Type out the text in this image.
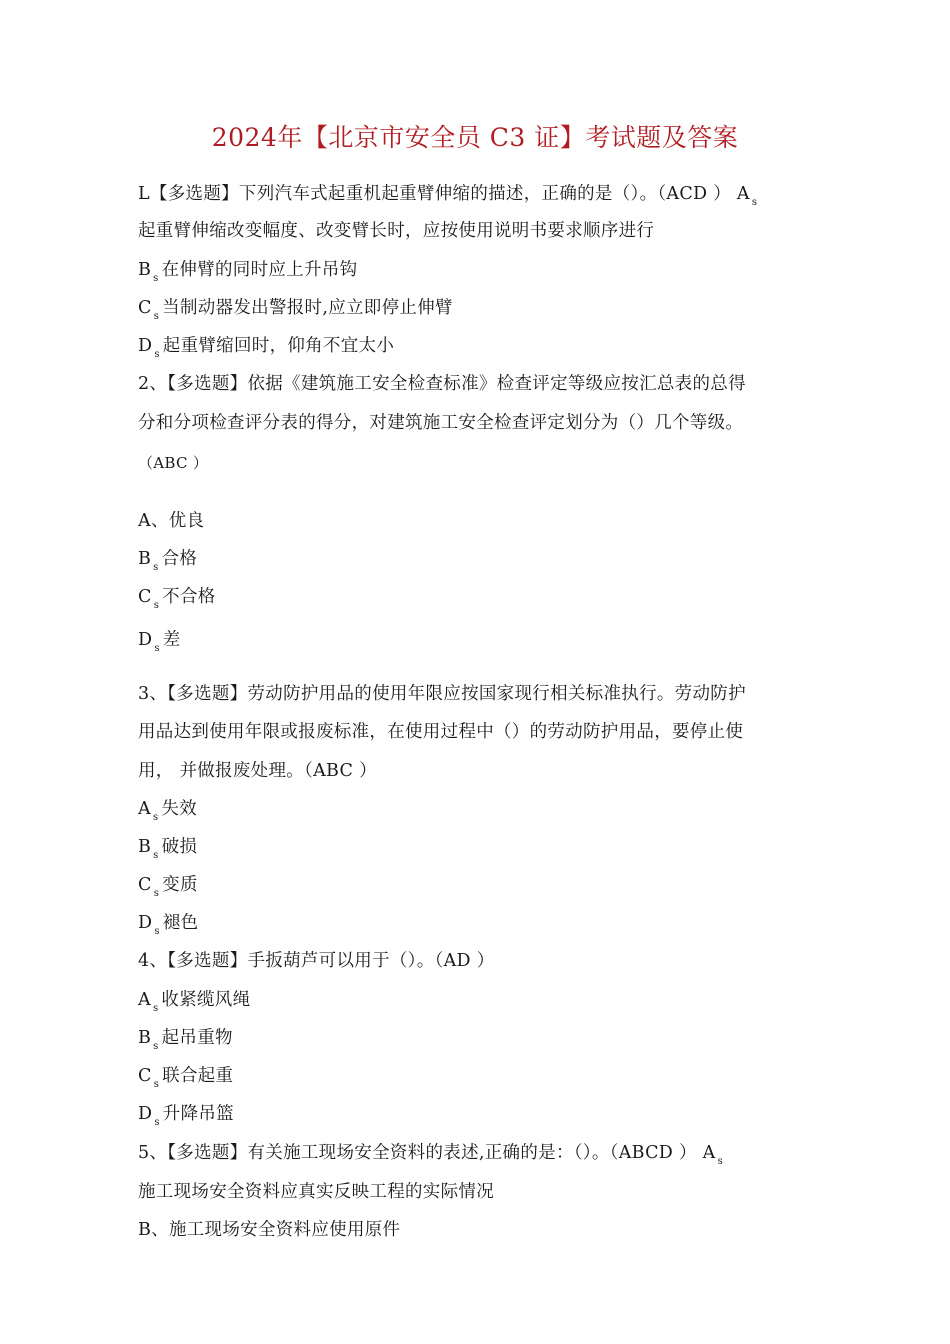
2024年【北京市安全员 C3 证】考试题及答案
L【多选题】下列汽车式起重机起重臂伸缩的描述，正确的是（）。（ACD ） A $_s$
起重臂伸缩改变幅度、改变臂长时，应按使用说明书要求顺序进行
B $_s$ 在伸臂的同时应上升吊钩
C $_s$ 当制动器发出警报时,应立即停止伸臂
D $_s$ 起重臂缩回时，仰角不宜太小
2、【多选题】依据《建筑施工安全检查标准》检查评定等级应按汇总表的总得
分和分项检查评分表的得分，对建筑施工安全检查评定划分为（）几个等级。
（ABC ）
A、优良
B $_s$ 合格
C $_s$ 不合格
D $_s$ 差
3、【多选题】劳动防护用品的使用年限应按国家现行相关标准执行。劳动防护
用品达到使用年限或报废标准，在使用过程中（）的劳动防护用品，要停止使
用， 并做报废处理。（ABC ）
A $_s$ 失效
B $_s$ 破损
C $_s$ 变质
D $_s$ 褪色
4、【多选题】手扳葫芦可以用于（）。（AD ）
A $_s$ 收紧缆风绳
B $_s$ 起吊重物
C $_s$ 联合起重
D $_s$ 升降吊篮
5、【多选题】有关施工现场安全资料的表述,正确的是：（）。（ABCD ） A $_s$
施工现场安全资料应真实反映工程的实际情况
B、施工现场安全资料应使用原件
